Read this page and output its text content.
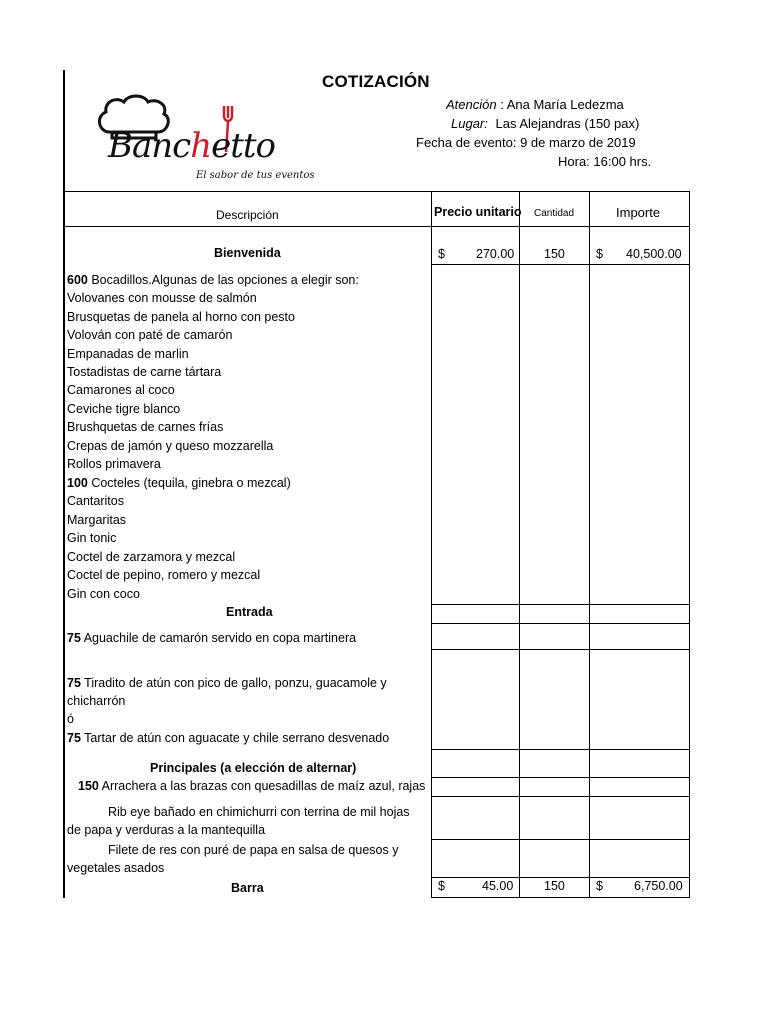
COTIZACIÓN
Atención : Ana María Ledezma
Lugar: Las Alejandras (150 pax)
Fecha de evento: 9 de marzo de 2019
Hora: 16:00 hrs.
Banchetto
El sabor de tus eventos
Descripción	Precio unitario Cantidad	Importe
Bienvenida	$ 270.00 150 $ 40,500.00
600 Bocadillos.Algunas de las opciones a elegir son:
Volovanes con mousse de salmón
Brusquetas de panela al horno con pesto
Volován con paté de camarón
Empanadas de marlin
Tostadistas de carne tártara
Camarones al coco
Ceviche tigre blanco
Brushquetas de carnes frías
Crepas de jamón y queso mozzarella
Rollos primavera
100 Cocteles (tequila, ginebra o mezcal)
Cantaritos
Margaritas
Gin tonic
Coctel de zarzamora y mezcal
Coctel de pepino, romero y mezcal
Gin con coco
Entrada
75 Aguachile de camarón servido en copa martinera
75 Tiradito de atún con pico de gallo, ponzu, guacamole y
chicharrón
ó
75 Tartar de atún con aguacate y chile serrano desvenado
Principales (a elección de alternar)
150 Arrachera a las brazas con quesadillas de maíz azul, rajas
Rib eye bañado en chimichurri con terrina de mil hojas
de papa y verduras a la mantequilla
Filete de res con puré de papa en salsa de quesos y
vegetales asados
Barra	$	45.00 150 $ 6,750.00
